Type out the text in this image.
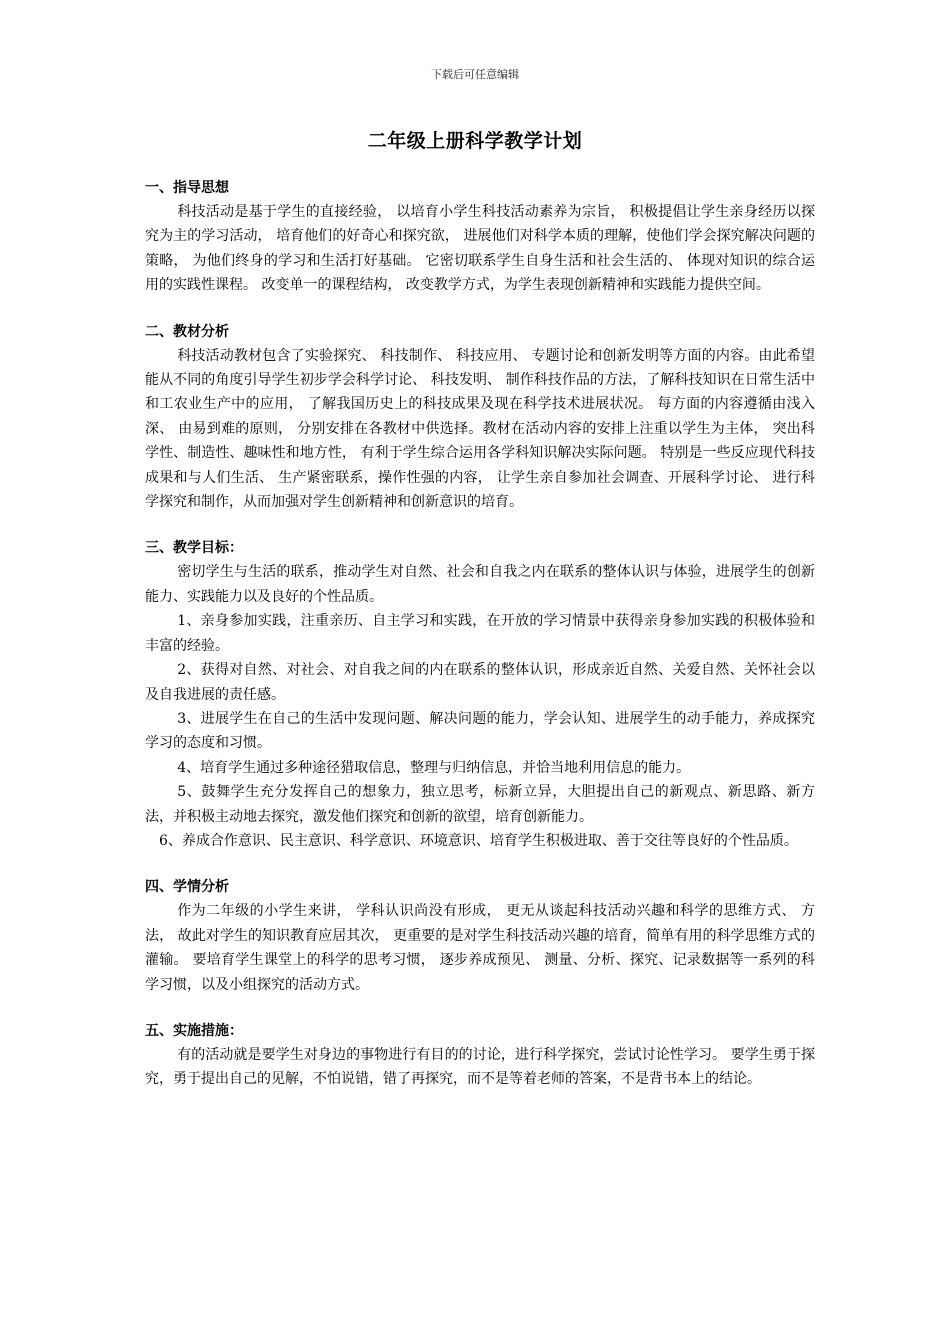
下载后可任意编辑
二年级上册科学教学计划
一、指导思想

科技活动是基于学生的直接经验， 以培育小学生科技活动素养为宗旨， 积极提倡让学生亲身经历以探究为主的学习活动， 培育他们的好奇心和探究欲， 进展他们对科学本质的理解，使他们学会探究解决问题的策略， 为他们终身的学习和生活打好基础。 它密切联系学生自身生活和社会生活的、 体现对知识的综合运用的实践性课程。 改变单一的课程结构， 改变教学方式，为学生表现创新精神和实践能力提供空间。

二、教材分析

科技活动教材包含了实验探究、 科技制作、 科技应用、 专题讨论和创新发明等方面的内容。由此希望能从不同的角度引导学生初步学会科学讨论、 科技发明、 制作科技作品的方法，了解科技知识在日常生活中和工农业生产中的应用， 了解我国历史上的科技成果及现在科学技术进展状况。 每方面的内容遵循由浅入深、 由易到难的原则， 分别安排在各教材中供选择。教材在活动内容的安排上注重以学生为主体， 突出科学性、制造性、趣味性和地方性， 有利于学生综合运用各学科知识解决实际问题。 特别是一些反应现代科技成果和与人们生活、 生产紧密联系，操作性强的内容， 让学生亲自参加社会调查、开展科学讨论、 进行科学探究和制作，从而加强对学生创新精神和创新意识的培育。

三、教学目标：

密切学生与生活的联系，推动学生对自然、社会和自我之内在联系的整体认识与体验，进展学生的创新能力、实践能力以及良好的个性品质。

1、亲身参加实践，注重亲历、自主学习和实践，在开放的学习情景中获得亲身参加实践的积极体验和丰富的经验。

2、获得对自然、对社会、对自我之间的内在联系的整体认识，形成亲近自然、关爱自然、关怀社会以及自我进展的责任感。

3、进展学生在自己的生活中发现问题、解决问题的能力，学会认知、进展学生的动手能力，养成探究学习的态度和习惯。

4、培育学生通过多种途径猎取信息，整理与归纳信息，并恰当地利用信息的能力。

5、鼓舞学生充分发挥自己的想象力，独立思考，标新立异，大胆提出自己的新观点、新思路、新方法，并积极主动地去探究，激发他们探究和创新的欲望，培育创新能力。

6、养成合作意识、民主意识、科学意识、环境意识、培育学生积极进取、善于交往等良好的个性品质。

四、学情分析

作为二年级的小学生来讲， 学科认识尚没有形成， 更无从谈起科技活动兴趣和科学的思维方式、 方法， 故此对学生的知识教育应居其次， 更重要的是对学生科技活动兴趣的培育，简单有用的科学思维方式的灌输。 要培育学生课堂上的科学的思考习惯， 逐步养成预见、 测量、分析、探究、记录数据等一系列的科学习惯，以及小组探究的活动方式。

五、实施措施：

有的活动就是要学生对身边的事物进行有目的的讨论，进行科学探究，尝试讨论性学习。 要学生勇于探究，勇于提出自己的见解，不怕说错，错了再探究，而不是等着老师的答案，不是背书本上的结论。
